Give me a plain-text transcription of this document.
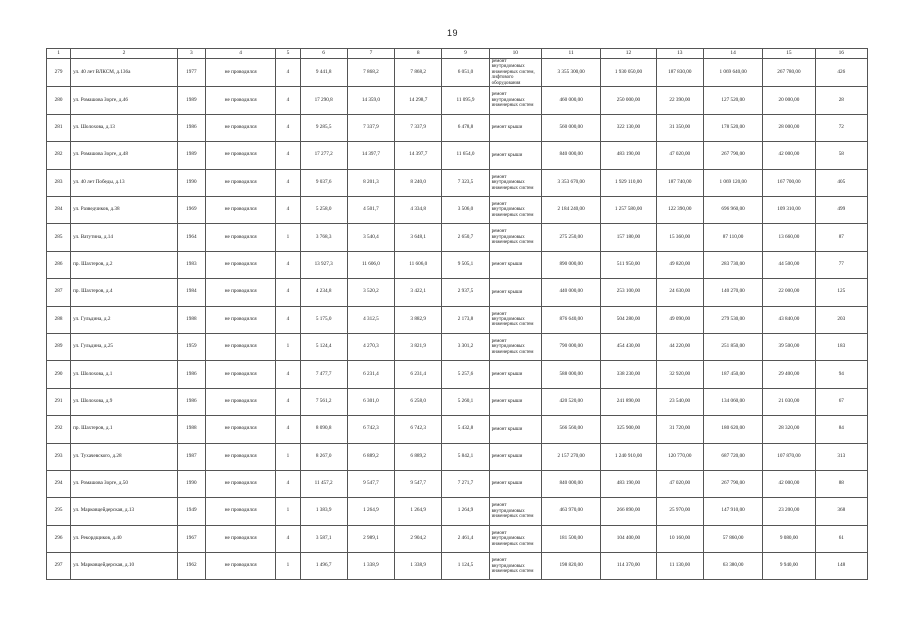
19
1	2	3	4	5	6	7	8	9	10	11	12	13	14	15	16
279	ул. 40 лет ВЛКСМ, д.136а	1977	не проводился	4	9 441,8	7 868,2	7 868,2	6 051,0	ремонт внутридомовых инженерных систем, лифтового оборудования	3 355 300,00	1 930 050,00	187 830,00	1 069 640,00	267 780,00	426
280	ул. Ромашова Зорге, д.46	1989	не проводился	4	17 290,8	14 359,0	14 298,7	11 095,9	ремонт внутридомовых инженерных систем	460 000,00	250 000,00	22 390,00	127 520,00	20 000,00	28
281	ул. Шолохова, д.13	1986	не проводился	4	9 285,5	7 337,9	7 337,9	6 478,8	ремонт крыши	560 000,00	322 130,00	31 350,00	178 520,00	28 000,00	72
282	ул. Ромашова Зорге, д.48	1989	не проводился	4	17 277,2	14 397,7	14 397,7	11 654,0	ремонт крыши	840 000,00	483 190,00	47 020,00	267 790,00	42 000,00	58
283	ул. 40 лет Победы, д.13	1990	не проводился	4	9 037,6	8 201,3	8 240,0	7 323,5	ремонт внутридомовых инженерных систем	3 353 670,00	1 929 110,00	187 740,00	1 069 120,00	167 700,00	405
284	ул. Разведчиков, д.38	1969	не проводился	4	5 258,0	4 501,7	4 334,8	3 506,0	ремонт внутридомовых инженерных систем	2 184 240,00	1 257 580,00	122 390,00	696 960,00	109 310,00	499
285	ул. Ватутина, д.14	1964	не проводился	1	3 768,3	3 540,4	3 648,1	2 650,7	ремонт внутридомовых инженерных систем	275 250,00	157 180,00	15 360,00	87 110,00	13 660,00	87
286	пр. Шахтеров, д.2	1983	не проводился	4	13 927,3	11 606,0	11 606,0	9 505,1	ремонт крыши	890 000,00	511 950,00	49 820,00	283 730,00	44 500,00	77
287	пр. Шахтеров, д.4	1984	не проводился	4	4 234,8	3 520,2	3 422,1	2 937,5	ремонт крыши	440 000,00	253 100,00	24 630,00	140 270,00	22 000,00	125
288	ул. Гульдина, д.2	1988	не проводился	4	5 175,0	4 312,5	3 882,9	2 173,8	ремонт внутридомовых инженерных систем	876 640,00	504 280,00	49 090,00	279 530,00	43 840,00	203
289	ул. Гульдина, д.25	1959	не проводился	1	5 124,4	4 270,3	3 821,9	3 301,2	ремонт внутридомовых инженерных систем	790 000,00	454 430,00	44 220,00	251 850,00	39 500,00	183
290	ул. Шолохова, д.1	1986	не проводился	4	7 477,7	6 231,4	6 231,4	5 257,6	ремонт крыши	588 000,00	338 230,00	32 920,00	187 450,00	29 400,00	94
291	ул. Шолохова, д.9	1986	не проводился	4	7 561,2	6 301,0	6 258,0	5 260,1	ремонт крыши	420 520,00	241 890,00	23 540,00	134 060,00	21 030,00	67
292	пр. Шахтеров, д.1	1988	не проводился	4	8 090,8	6 742,3	6 742,3	5 432,8	ремонт крыши	566 560,00	325 900,00	31 720,00	180 620,00	28 320,00	84
293	ул. Тухачевского, д.28	1987	не проводился	1	8 267,0	6 889,2	6 889,2	5 842,1	ремонт крыши	2 157 270,00	1 240 910,00	120 770,00	687 720,00	107 870,00	313
294	ул. Ромашова Зорге, д.50	1990	не проводился	4	11 457,2	9 547,7	9 547,7	7 271,7	ремонт крыши	840 000,00	483 190,00	47 020,00	267 790,00	42 000,00	88
295	ул. Марковцейдерская, д.13	1949	не проводился	1	1 383,9	1 264,9	1 264,9	1 264,9	ремонт внутридомовых инженерных систем	463 970,00	266 890,00	25 970,00	147 910,00	23 200,00	368
296	ул. Рекордщиков, д.40	1967	не проводился	4	3 587,1	2 989,1	2 904,2	2 461,4	ремонт внутридомовых инженерных систем	181 500,00	104 400,00	10 160,00	57 860,00	9 080,00	61
297	ул. Марковцейдерская, д.10	1962	не проводился	1	1 496,7	1 338,9	1 338,9	1 124,5	ремонт внутридомовых инженерных систем	198 820,00	114 370,00	11 130,00	63 380,00	9 940,00	148
